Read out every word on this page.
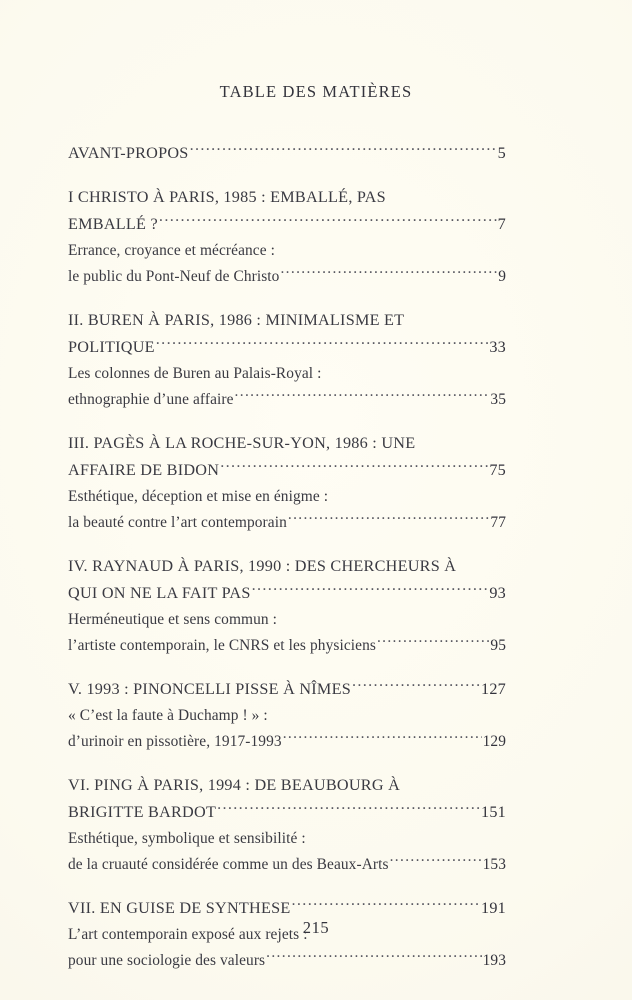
TABLE DES MATIÈRES
AVANT-PROPOS .....	5
I CHRISTO À PARIS, 1985 : EMBALLÉ, PAS
EMBALLÉ ? .....	7
Errance, croyance et mécréance :
le public du Pont-Neuf de Christo .....	9
II. BUREN À PARIS, 1986 : MINIMALISME ET
POLITIQUE .....	33
Les colonnes de Buren au Palais-Royal :
ethnographie d’une affaire .....	35
III. PAGÈS À LA ROCHE-SUR-YON, 1986 : UNE
AFFAIRE DE BIDON .....	75
Esthétique, déception et mise en énigme :
la beauté contre l’art contemporain .....	77
IV. RAYNAUD À PARIS, 1990 : DES CHERCHEURS À
QUI ON NE LA FAIT PAS .....	93
Herméneutique et sens commun :
l’artiste contemporain, le CNRS et les physiciens .....	95
V. 1993 : PINONCELLI PISSE À NÎMES .....	127
« C’est la faute à Duchamp ! » :
d’urinoir en pissotière, 1917-1993 .....	129
VI. PING À PARIS, 1994 : DE BEAUBOURG À
BRIGITTE BARDOT .....	151
Esthétique, symbolique et sensibilité :
de la cruauté considérée comme un des Beaux-Arts .....	153
VII. EN GUISE DE SYNTHESE .....	191
L’art contemporain exposé aux rejets :
pour une sociologie des valeurs .....	193
215
